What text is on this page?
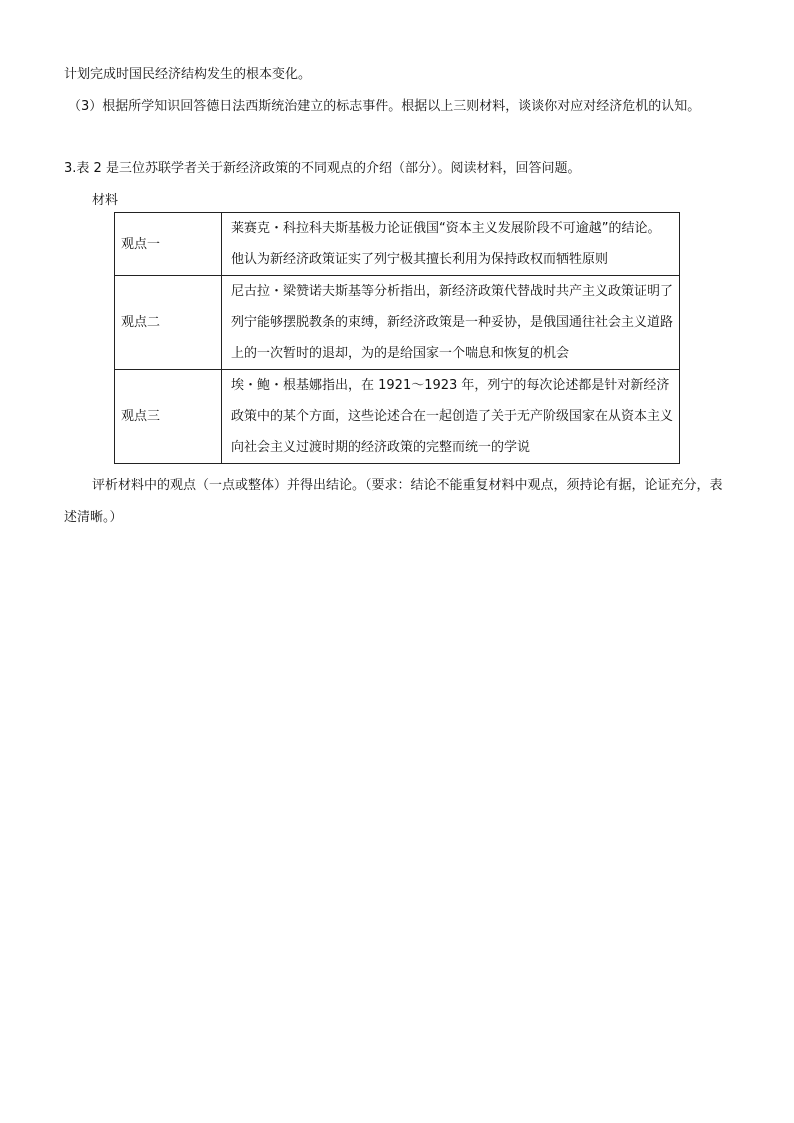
计划完成时国民经济结构发生的根本变化。
（3）根据所学知识回答德日法西斯统治建立的标志事件。根据以上三则材料，谈谈你对应对经济危机的认知。
3.表 2 是三位苏联学者关于新经济政策的不同观点的介绍（部分）。阅读材料，回答问题。
材料
观点一	莱赛克・科拉科夫斯基极力论证俄国“资本主义发展阶段不可逾越”的结论。他认为新经济政策证实了列宁极其擅长利用为保持政权而牺牲原则

观点二	尼古拉・梁赞诺夫斯基等分析指出，新经济政策代替战时共产主义政策证明了列宁能够摆脱教条的束缚，新经济政策是一种妥协，是俄国通往社会主义道路上的一次暂时的退却，为的是给国家一个喘息和恢复的机会

观点三	埃・鲍・根基娜指出，在 1921～1923 年，列宁的每次论述都是针对新经济政策中的某个方面，这些论述合在一起创造了关于无产阶级国家在从资本主义向社会主义过渡时期的经济政策的完整而统一的学说

评析材料中的观点（一点或整体）并得出结论。（要求：结论不能重复材料中观点，须持论有据，论证充分，表述清晰。）
